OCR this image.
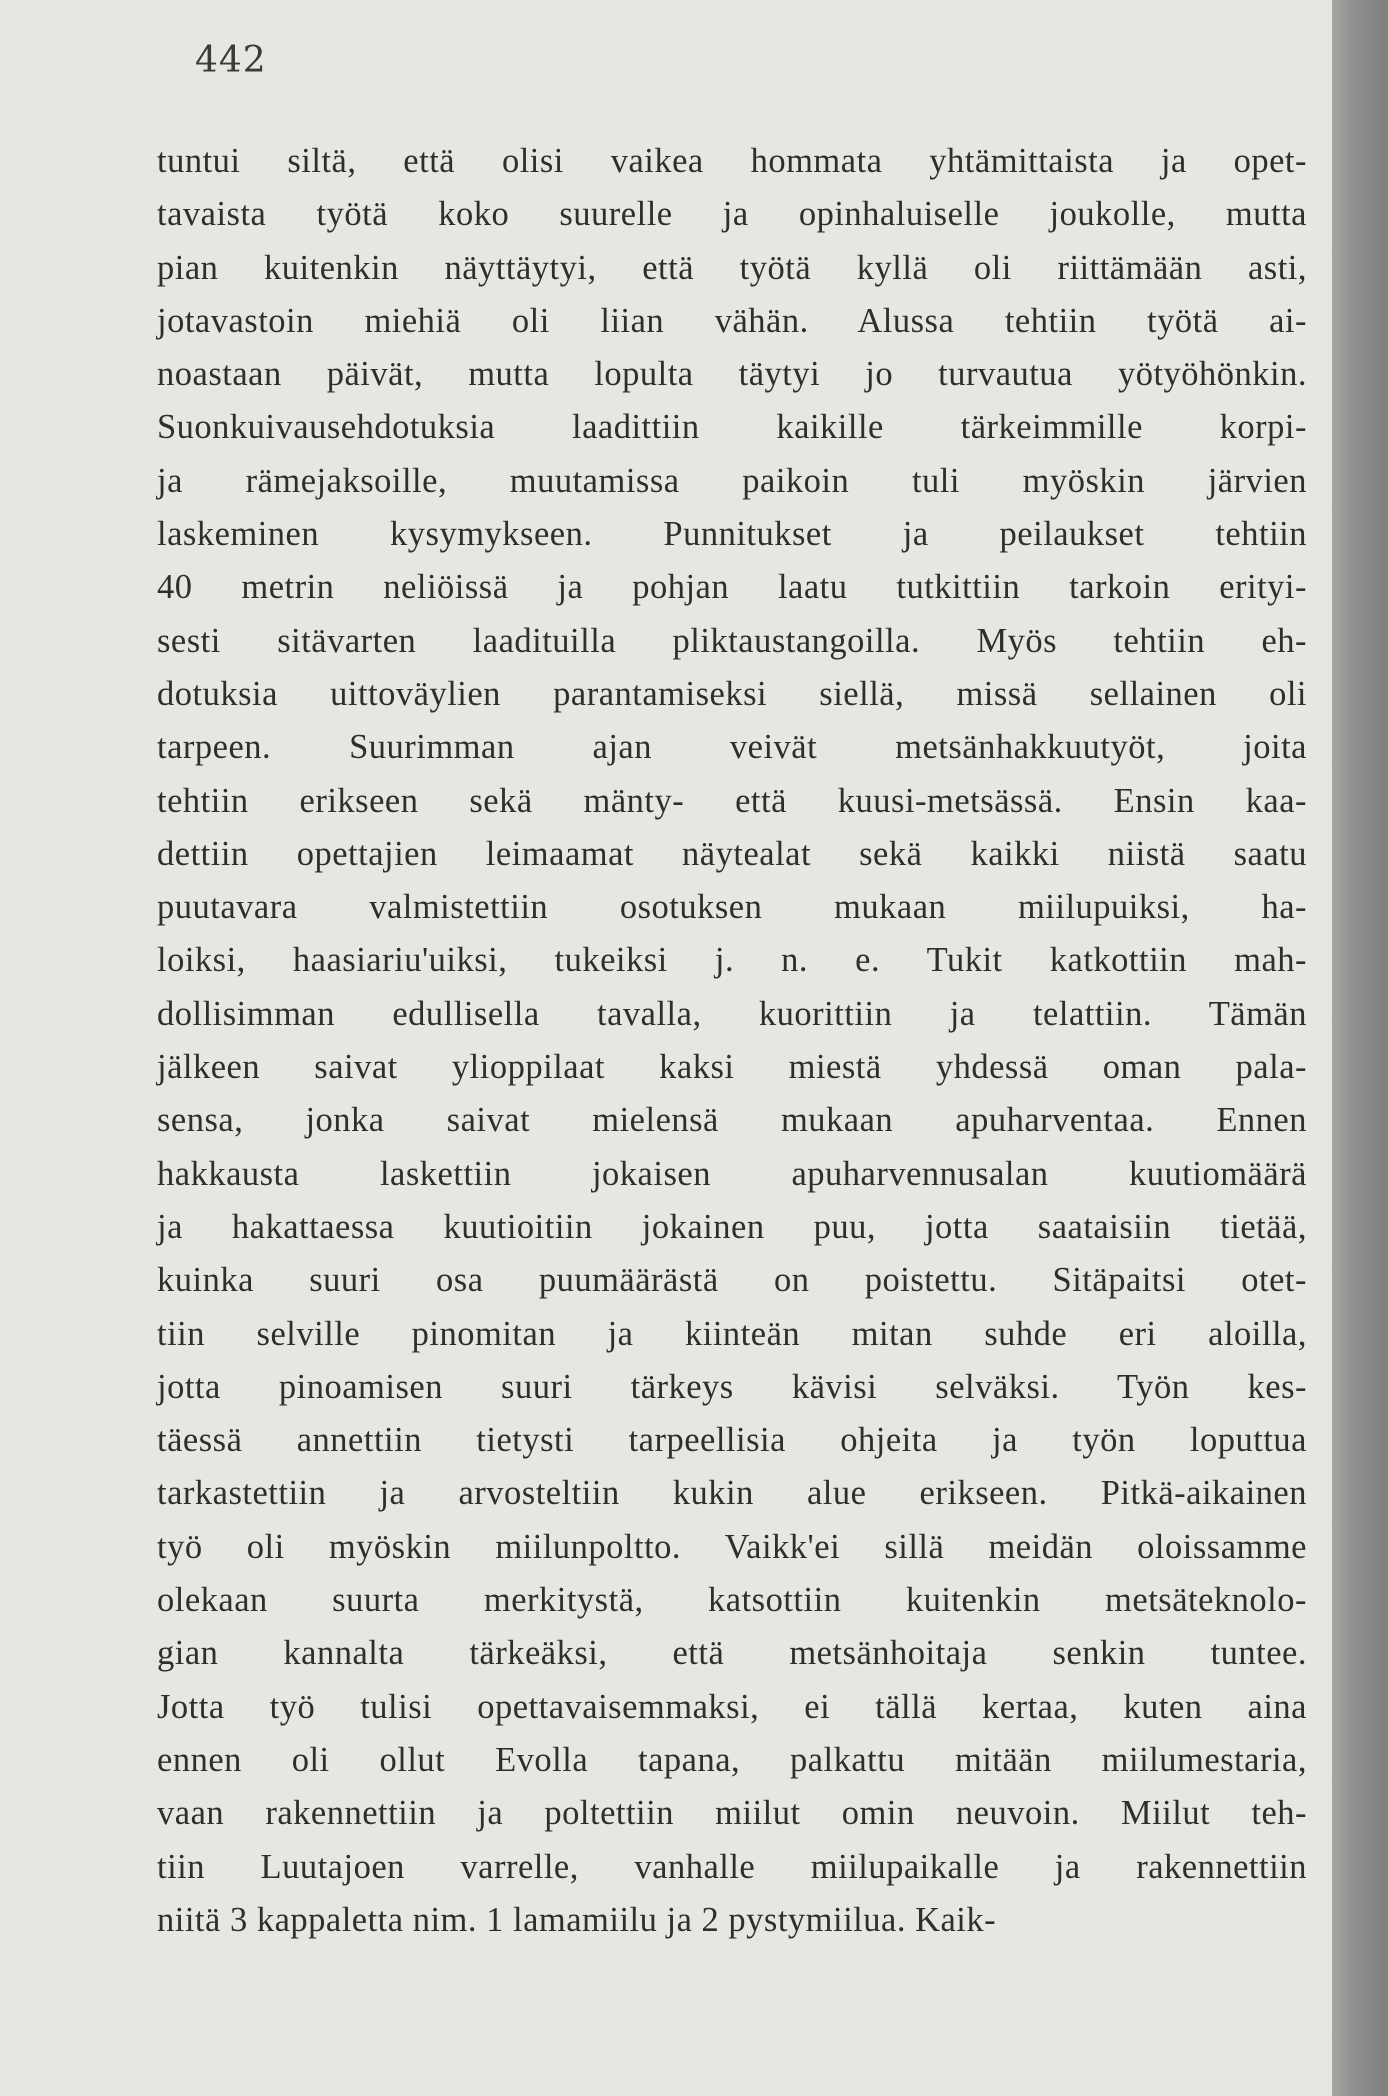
442
tuntui siltä, että olisi vaikea hommata yhtämittaista ja opet-
tavaista työtä koko suurelle ja opinhaluiselle joukolle, mutta
pian kuitenkin näyttäytyi, että työtä kyllä oli riittämään asti,
jotavastoin miehiä oli liian vähän. Alussa tehtiin työtä ai-
noastaan päivät, mutta lopulta täytyi jo turvautua yötyöhönkin.
Suonkuivausehdotuksia laadittiin kaikille tärkeimmille korpi-
ja rämejaksoille, muutamissa paikoin tuli myöskin järvien
laskeminen kysymykseen. Punnitukset ja peilaukset tehtiin
40 metrin neliöissä ja pohjan laatu tutkittiin tarkoin erityi-
sesti sitävarten laadituilla pliktaustangoilla. Myös tehtiin eh-
dotuksia uittoväylien parantamiseksi siellä, missä sellainen oli
tarpeen. Suurimman ajan veivät metsänhakkuutyöt, joita
tehtiin erikseen sekä mänty- että kuusi-metsässä. Ensin kaa-
dettiin opettajien leimaamat näytealat sekä kaikki niistä saatu
puutavara valmistettiin osotuksen mukaan miilupuiksi, ha-
loiksi, haasiariu'uiksi, tukeiksi j. n. e. Tukit katkottiin mah-
dollisimman edullisella tavalla, kuorittiin ja telattiin. Tämän
jälkeen saivat ylioppilaat kaksi miestä yhdessä oman pala-
sensa, jonka saivat mielensä mukaan apuharventaa. Ennen
hakkausta laskettiin jokaisen apuharvennusalan kuutiomäärä
ja hakattaessa kuutioitiin jokainen puu, jotta saataisiin tietää,
kuinka suuri osa puumäärästä on poistettu. Sitäpaitsi otet-
tiin selville pinomitan ja kiinteän mitan suhde eri aloilla,
jotta pinoamisen suuri tärkeys kävisi selväksi. Työn kes-
täessä annettiin tietysti tarpeellisia ohjeita ja työn loputtua
tarkastettiin ja arvosteltiin kukin alue erikseen. Pitkä-aikainen
työ oli myöskin miilunpoltto. Vaikk'ei sillä meidän oloissamme
olekaan suurta merkitystä, katsottiin kuitenkin metsäteknolo-
gian kannalta tärkeäksi, että metsänhoitaja senkin tuntee.
Jotta työ tulisi opettavaisemmaksi, ei tällä kertaa, kuten aina
ennen oli ollut Evolla tapana, palkattu mitään miilumestaria,
vaan rakennettiin ja poltettiin miilut omin neuvoin. Miilut teh-
tiin Luutajoen varrelle, vanhalle miilupaikalle ja rakennettiin
niitä 3 kappaletta nim. 1 lamamiilu ja 2 pystymiilua. Kaik-
